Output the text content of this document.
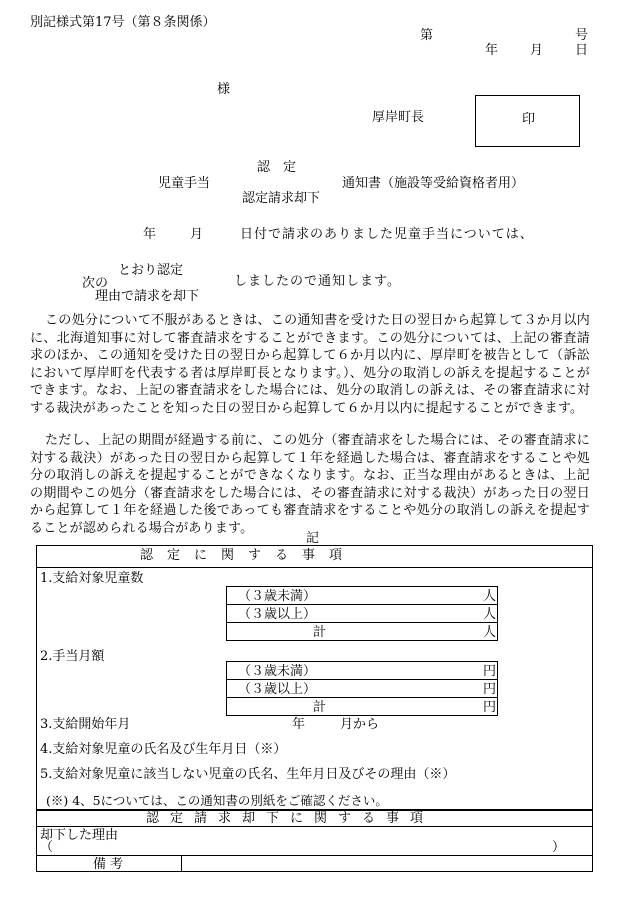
別記様式第17号（第８条関係）
第	号
年 月 日
様
厚岸町長	印
認　定
児童手当	通知書（施設等受給資格者用）
認定請求却下
年	月	日付で請求のありました児童手当については、
とおり認定
次の	しましたので通知します。
理由で請求を却下
この処分について不服があるときは、この通知書を受けた日の翌日から起算して３か月以内に、北海道知事に対して審査請求をすることができます。この処分については、上記の審査請求のほか、この通知を受けた日の翌日から起算して６か月以内に、厚岸町を被告として（訴訟において厚岸町を代表する者は厚岸町長となります。）、処分の取消しの訴えを提起することができます。なお、上記の審査請求をした場合には、処分の取消しの訴えは、その審査請求に対する裁決があったことを知った日の翌日から起算して６か月以内に提起することができます。
ただし、上記の期間が経過する前に、この処分（審査請求をした場合には、その審査請求に対する裁決）があった日の翌日から起算して１年を経過した場合は、審査請求をすることや処分の取消しの訴えを提起することができなくなります。なお、正当な理由があるときは、上記の期間やこの処分（審査請求をした場合には、その審査請求に対する裁決）があった日の翌日から起算して１年を経過した後であっても審査請求をすることや処分の取消しの訴えを提起することが認められる場合があります。
記
認定に関する事項
1.支給対象児童数
（３歳未満）	人
（３歳以上）	人
計	人
2.手当月額
（３歳未満）	円
（３歳以上）	円
計	円
3.支給開始年月	年	月から
4.支給対象児童の氏名及び生年月日（※）
5.支給対象児童に該当しない児童の氏名、生年月日及びその理由（※）
(※) 4、5については、この通知書の別紙をご確認ください。
認定請求却下に関する事項
却下した理由
（	）
備考
